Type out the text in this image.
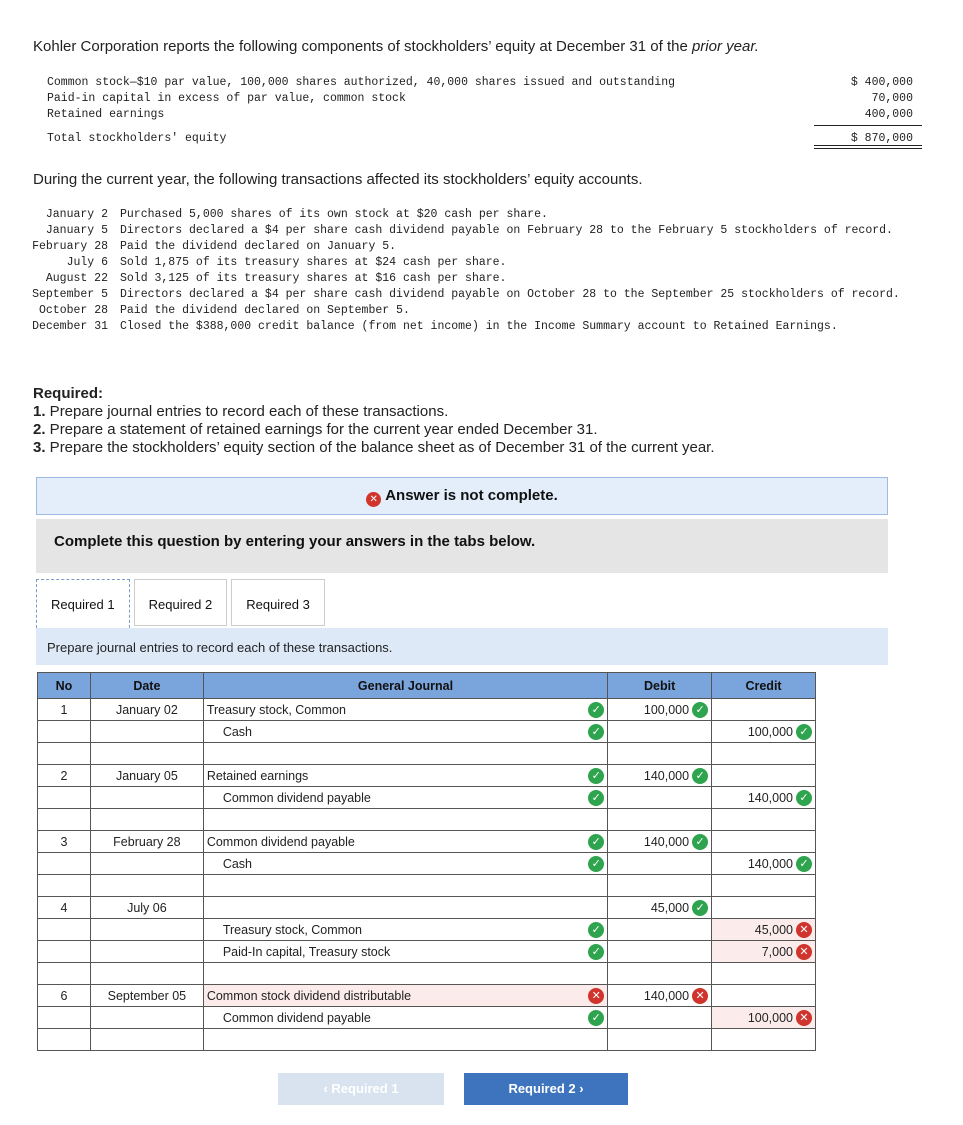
Kohler Corporation reports the following components of stockholders’ equity at December 31 of the prior year.
Common stock—$10 par value, 100,000 shares authorized, 40,000 shares issued and outstanding	$ 400,000
Paid-in capital in excess of par value, common stock	70,000
Retained earnings	400,000
Total stockholders' equity	$ 870,000
During the current year, the following transactions affected its stockholders’ equity accounts.
January 2	Purchased 5,000 shares of its own stock at $20 cash per share.
January 5	Directors declared a $4 per share cash dividend payable on February 28 to the February 5 stockholders of record.
February 28	Paid the dividend declared on January 5.
July 6	Sold 1,875 of its treasury shares at $24 cash per share.
August 22	Sold 3,125 of its treasury shares at $16 cash per share.
September 5	Directors declared a $4 per share cash dividend payable on October 28 to the September 25 stockholders of record.
October 28	Paid the dividend declared on September 5.
December 31	Closed the $388,000 credit balance (from net income) in the Income Summary account to Retained Earnings.
Required:
1. Prepare journal entries to record each of these transactions.
2. Prepare a statement of retained earnings for the current year ended December 31.
3. Prepare the stockholders’ equity section of the balance sheet as of December 31 of the current year.
✕ Answer is not complete.
Complete this question by entering your answers in the tabs below.
Required 1	Required 2	Required 3
Prepare journal entries to record each of these transactions.
No	Date	General Journal	Debit	Credit
1	January 02	Treasury stock, Common ✓	100,000 ✓	
		Cash ✓		100,000 ✓

2	January 05	Retained earnings ✓	140,000 ✓	
		Common dividend payable ✓		140,000 ✓

3	February 28	Common dividend payable ✓	140,000 ✓	
		Cash ✓		140,000 ✓

4	July 06		45,000 ✓	
		Treasury stock, Common ✓		45,000 ✕
		Paid-In capital, Treasury stock ✓		7,000 ✕

6	September 05	Common stock dividend distributable ✕	140,000 ✕	
		Common dividend payable ✓		100,000 ✕

‹ Required 1	Required 2 ›
